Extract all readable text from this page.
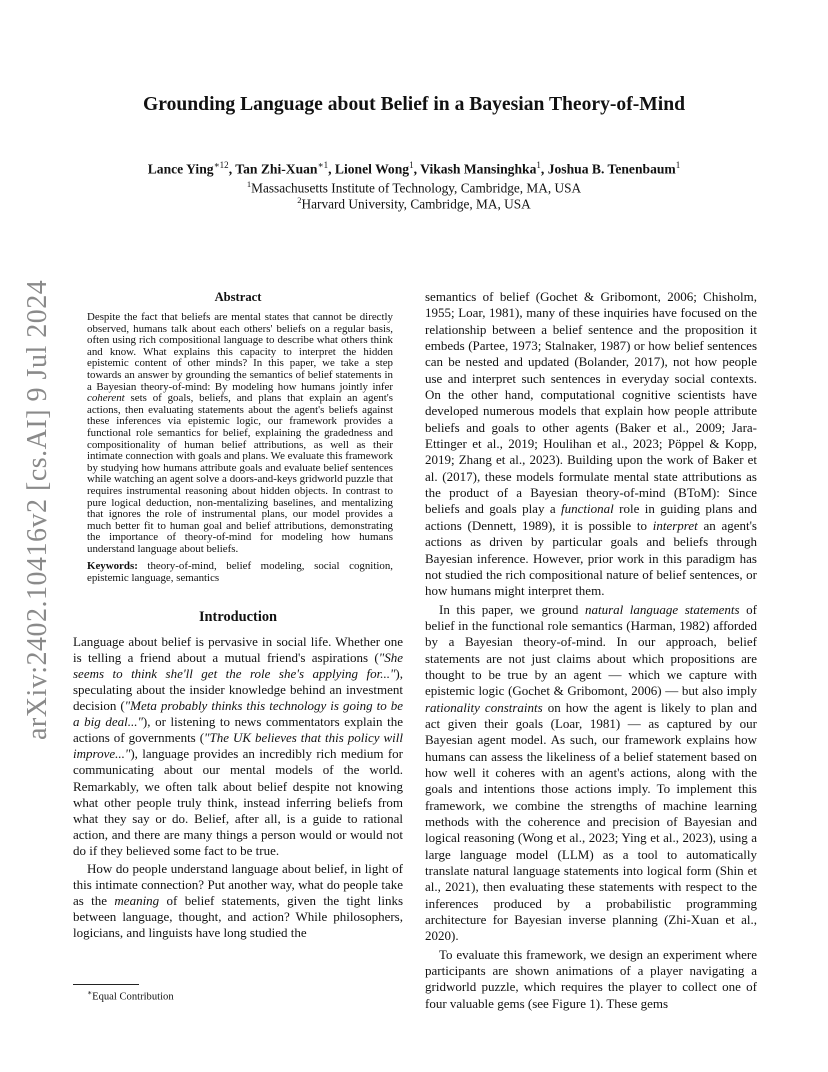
arXiv:2402.10416v2 [cs.AI] 9 Jul 2024
Grounding Language about Belief in a Bayesian Theory-of-Mind

Lance Ying$^{∗12}$, Tan Zhi-Xuan$^{∗1}$, Lionel Wong$^1$, Vikash Mansinghka$^1$, Joshua B. Tenenbaum$^1$

$^1$Massachusetts Institute of Technology, Cambridge, MA, USA

$^2$Harvard University, Cambridge, MA, USA

Abstract

Despite the fact that beliefs are mental states that cannot be directly observed, humans talk about each others' beliefs on a regular basis, often using rich compositional language to describe what others think and know. What explains this capacity to interpret the hidden epistemic content of other minds? In this paper, we take a step towards an answer by grounding the semantics of belief statements in a Bayesian theory-of-mind: By modeling how humans jointly infer coherent sets of goals, beliefs, and plans that explain an agent's actions, then evaluating statements about the agent's beliefs against these inferences via epistemic logic, our framework provides a functional role semantics for belief, explaining the gradedness and compositionality of human belief attributions, as well as their intimate connection with goals and plans. We evaluate this framework by studying how humans attribute goals and evaluate belief sentences while watching an agent solve a doors-and-keys gridworld puzzle that requires instrumental reasoning about hidden objects. In contrast to pure logical deduction, non-mentalizing baselines, and mentalizing that ignores the role of instrumental plans, our model provides a much better fit to human goal and belief attributions, demonstrating the importance of theory-of-mind for modeling how humans understand language about beliefs.

Keywords: theory-of-mind, belief modeling, social cognition, epistemic language, semantics

Introduction

Language about belief is pervasive in social life. Whether one is telling a friend about a mutual friend's aspirations ("She seems to think she'll get the role she's applying for..."), speculating about the insider knowledge behind an investment decision ("Meta probably thinks this technology is going to be a big deal..."), or listening to news commentators explain the actions of governments ("The UK believes that this policy will improve..."), language provides an incredibly rich medium for communicating about our mental models of the world. Remarkably, we often talk about belief despite not knowing what other people truly think, instead inferring beliefs from what they say or do. Belief, after all, is a guide to rational action, and there are many things a person would or would not do if they believed some fact to be true.

How do people understand language about belief, in light of this intimate connection? Put another way, what do people take as the meaning of belief statements, given the tight links between language, thought, and action? While philosophers, logicians, and linguists have long studied the

semantics of belief (Gochet & Gribomont, 2006; Chisholm, 1955; Loar, 1981), many of these inquiries have focused on the relationship between a belief sentence and the proposition it embeds (Partee, 1973; Stalnaker, 1987) or how belief sentences can be nested and updated (Bolander, 2017), not how people use and interpret such sentences in everyday social contexts. On the other hand, computational cognitive scientists have developed numerous models that explain how people attribute beliefs and goals to other agents (Baker et al., 2009; Jara-Ettinger et al., 2019; Houlihan et al., 2023; Pöppel & Kopp, 2019; Zhang et al., 2023). Building upon the work of Baker et al. (2017), these models formulate mental state attributions as the product of a Bayesian theory-of-mind (BToM): Since beliefs and goals play a functional role in guiding plans and actions (Dennett, 1989), it is possible to interpret an agent's actions as driven by particular goals and beliefs through Bayesian inference. However, prior work in this paradigm has not studied the rich compositional nature of belief sentences, or how humans might interpret them.

In this paper, we ground natural language statements of belief in the functional role semantics (Harman, 1982) afforded by a Bayesian theory-of-mind. In our approach, belief statements are not just claims about which propositions are thought to be true by an agent — which we capture with epistemic logic (Gochet & Gribomont, 2006) — but also imply rationality constraints on how the agent is likely to plan and act given their goals (Loar, 1981) — as captured by our Bayesian agent model. As such, our framework explains how humans can assess the likeliness of a belief statement based on how well it coheres with an agent's actions, along with the goals and intentions those actions imply. To implement this framework, we combine the strengths of machine learning methods with the coherence and precision of Bayesian and logical reasoning (Wong et al., 2023; Ying et al., 2023), using a large language model (LLM) as a tool to automatically translate natural language statements into logical form (Shin et al., 2021), then evaluating these statements with respect to the inferences produced by a probabilistic programming architecture for Bayesian inverse planning (Zhi-Xuan et al., 2020).

To evaluate this framework, we design an experiment where participants are shown animations of a player navigating a gridworld puzzle, which requires the player to collect one of four valuable gems (see Figure 1). These gems

∗Equal Contribution
